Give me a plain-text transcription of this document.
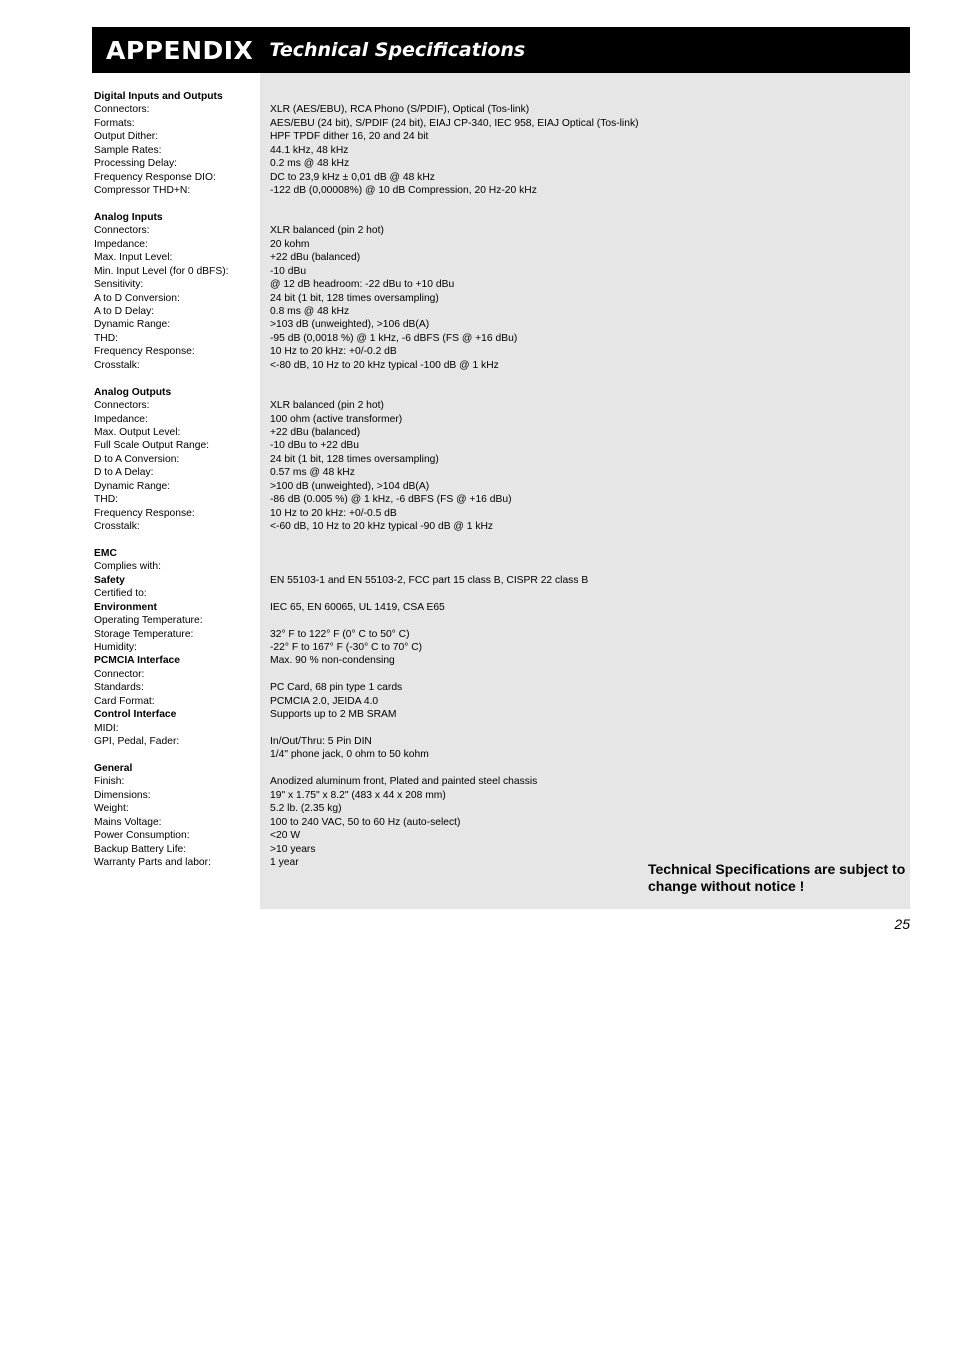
APPENDIX Technical Specifications
Digital Inputs and Outputs
Connectors:
Formats:
Output Dither:
Sample Rates:
Processing Delay:
Frequency Response DIO:
Compressor THD+N:
Analog Inputs
Connectors:
Impedance:
Max. Input Level:
Min. Input Level (for 0 dBFS):
Sensitivity:
A to D Conversion:
A to D Delay:
Dynamic Range:
THD:
Frequency Response:
Crosstalk:
Analog Outputs
Connectors:
Impedance:
Max. Output Level:
Full Scale Output Range:
D to A Conversion:
D to A Delay:
Dynamic Range:
THD:
Frequency Response:
Crosstalk:
EMC
Complies with:
Safety
Certified to:
Environment
Operating Temperature:
Storage Temperature:
Humidity:
PCMCIA Interface
Connector:
Standards:
Card Format:
Control Interface
MIDI:
GPI, Pedal, Fader:
General
Finish:
Dimensions:
Weight:
Mains Voltage:
Power Consumption:
Backup Battery Life:
Warranty Parts and labor:
XLR (AES/EBU), RCA Phono (S/PDIF), Optical (Tos-link)
AES/EBU (24 bit), S/PDIF (24 bit), EIAJ CP-340, IEC 958, EIAJ Optical (Tos-link)
HPF TPDF dither 16, 20 and 24 bit
44.1 kHz, 48 kHz
0.2 ms @ 48 kHz
DC to 23,9 kHz ± 0,01 dB @ 48 kHz
-122 dB (0,00008%) @ 10 dB Compression, 20 Hz-20 kHz
XLR balanced (pin 2 hot)
20 kohm
+22 dBu (balanced)
-10 dBu
@ 12 dB headroom: -22 dBu to +10 dBu
24 bit (1 bit, 128 times oversampling)
0.8 ms @ 48 kHz
>103 dB (unweighted), >106 dB(A)
-95 dB (0,0018 %) @ 1 kHz, -6 dBFS (FS @ +16 dBu)
10 Hz to 20 kHz: +0/-0.2 dB
<-80 dB, 10 Hz to 20 kHz typical -100 dB @ 1 kHz
XLR balanced (pin 2 hot)
100 ohm (active transformer)
+22 dBu (balanced)
-10 dBu to +22 dBu
24 bit (1 bit, 128 times oversampling)
0.57 ms @ 48 kHz
>100 dB (unweighted), >104 dB(A)
-86 dB (0.005 %) @ 1 kHz, -6 dBFS (FS @ +16 dBu)
10 Hz to 20 kHz: +0/-0.5 dB
<-60 dB, 10 Hz to 20 kHz typical -90 dB @ 1 kHz
EN 55103-1 and EN 55103-2, FCC part 15 class B, CISPR 22 class B
IEC 65, EN 60065, UL 1419, CSA E65
32° F to 122° F (0° C to 50° C)
-22° F to 167° F (-30° C to 70° C)
Max. 90 % non-condensing
PC Card, 68 pin type 1 cards
PCMCIA 2.0, JEIDA 4.0
Supports up to 2 MB SRAM
In/Out/Thru: 5 Pin DIN
1/4" phone jack, 0 ohm to 50 kohm
Anodized aluminum front, Plated and painted steel chassis
19" x 1.75" x 8.2" (483 x 44 x 208 mm)
5.2 lb. (2.35 kg)
100 to 240 VAC, 50 to 60 Hz (auto-select)
<20 W
>10 years
1 year	Technical Specifications are subject to change without notice !
25
